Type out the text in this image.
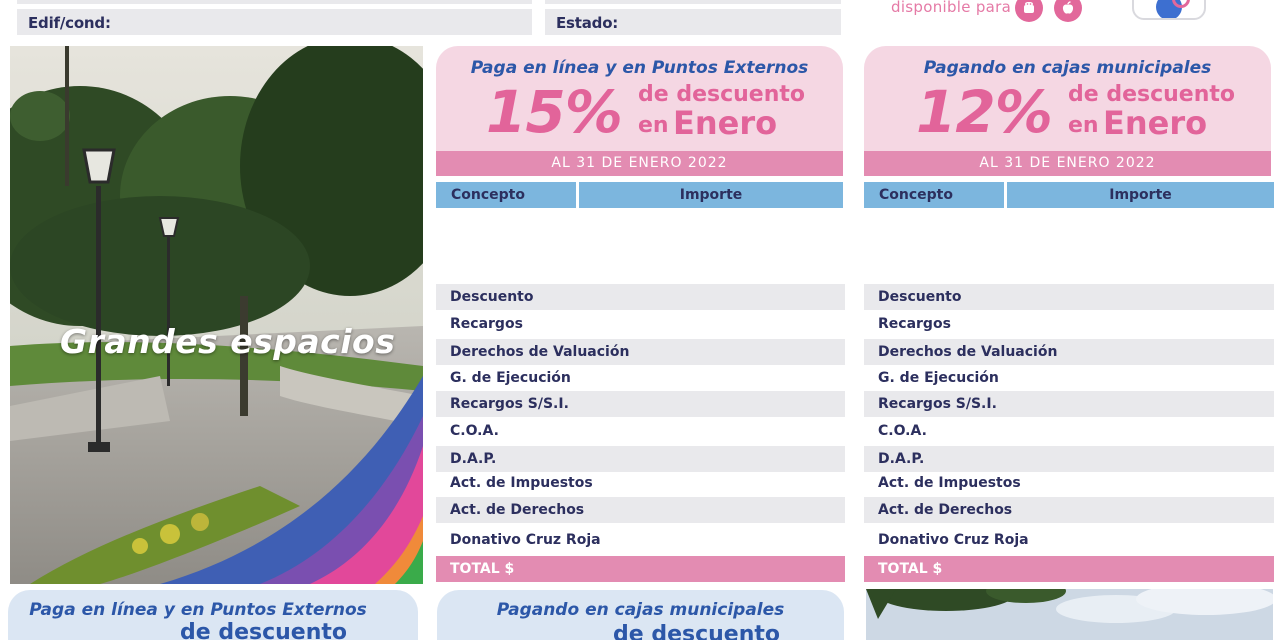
Edif/cond:	Estado:
disponible para
Grandes espacios
Paga en línea y en Puntos Externos
15% de descuento
en Enero
AL 31 DE ENERO 2022
Pagando en cajas municipales
12% de descuento
en Enero
AL 31 DE ENERO 2022
Concepto	Importe	Concepto	Importe
Descuento
Recargos
Derechos de Valuación
G. de Ejecución
Recargos S/S.I.
C.O.A.
D.A.P.
Act. de Impuestos
Act. de Derechos
Donativo Cruz Roja
TOTAL $
Descuento
Recargos
Derechos de Valuación
G. de Ejecución
Recargos S/S.I.
C.O.A.
D.A.P.
Act. de Impuestos
Act. de Derechos
Donativo Cruz Roja
TOTAL $
Paga en línea y en Puntos Externos
de descuento
Pagando en cajas municipales
de descuento
